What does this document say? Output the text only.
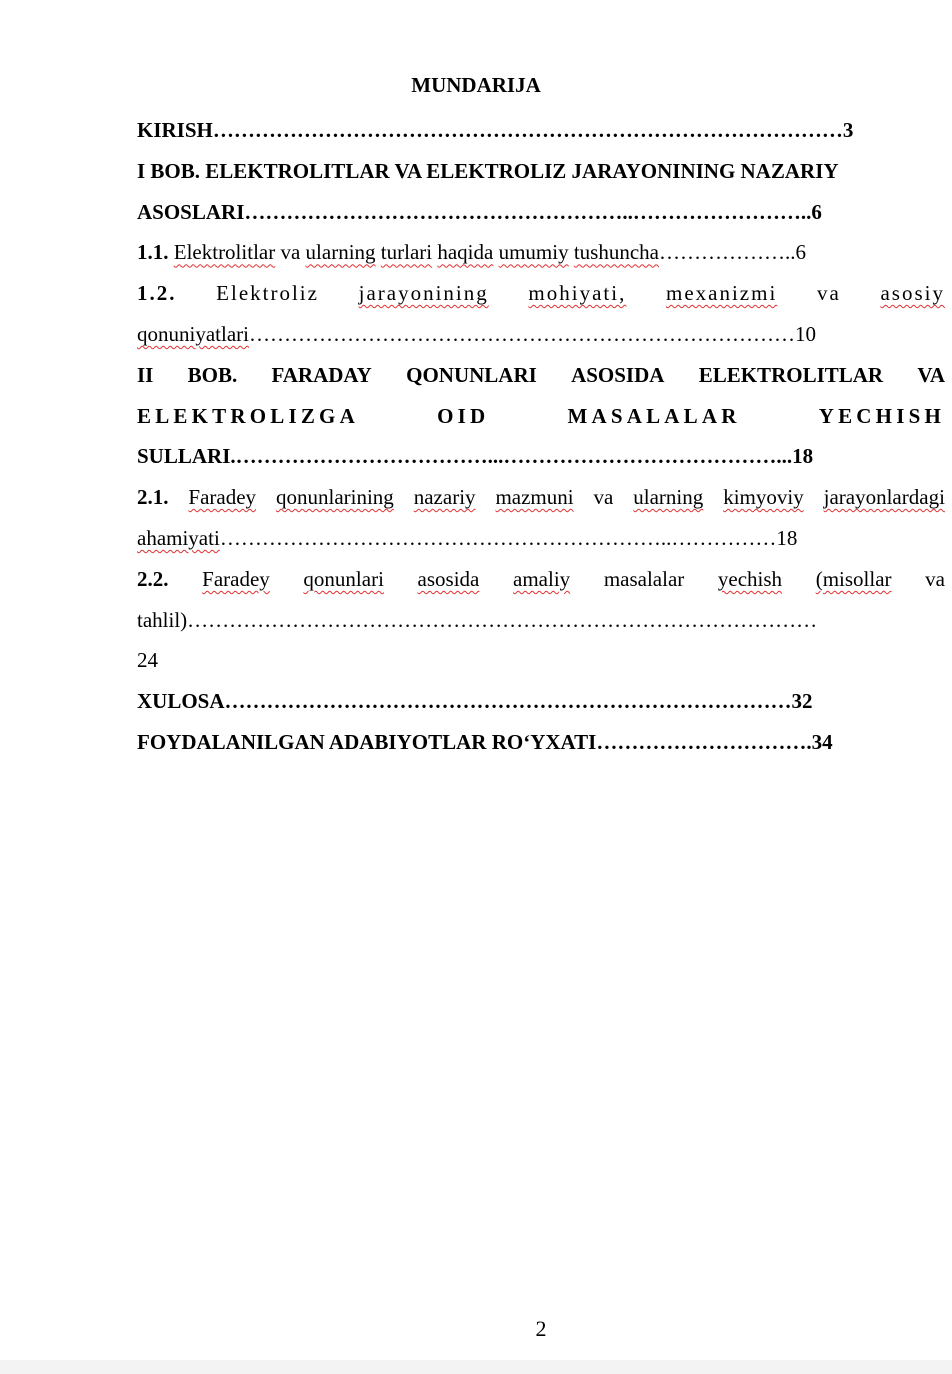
MUNDARIJA
KIRISH………………………………………………………………………………3
I BOB. ELEKTROLITLAR VA ELEKTROLIZ JARAYONINING NAZARIY
ASOSLARI………………………………………………..……………………..6
1.1. Elektrolitlar va ularning turlari haqida umumiy tushuncha………………..6
1.2. Elektroliz jarayonining mohiyati, mexanizmi va asosiy
qonuniyatlari……………………………………………………………………10
II BOB. FARADAY QONUNLARI ASOSIDA ELEKTROLITLAR VA
ELEKTROLIZGA	OID	MASALALAR	YECHISH
SULLARI.………………………………...…………………………………...18
2.1. Faradey qonunlarining nazariy mazmuni va ularning kimyoviy jarayonlardagi
ahamiyati………………………………………………………..……………18
2.2. Faradey qonunlari asosida amaliy masalalar yechish (misollar va
tahlil)………………………………………………………………………………
24
XULOSA………………………………………………………………………32
FOYDALANILGAN ADABIYOTLAR RO‘YXATI………………………….34
2
